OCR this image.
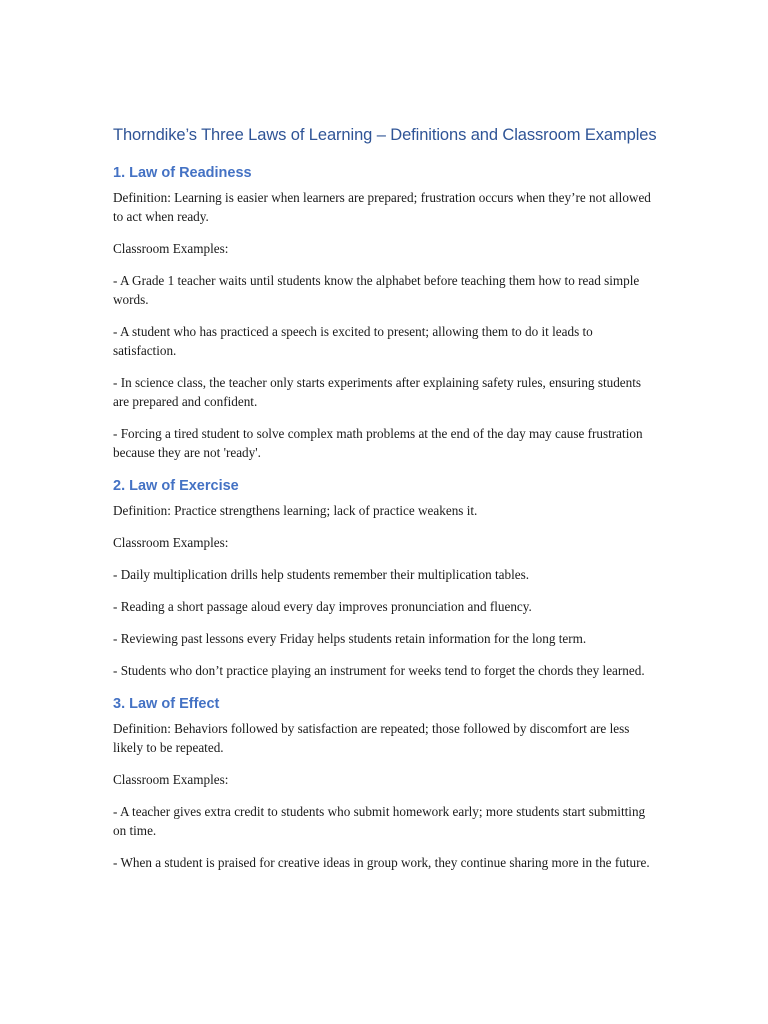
Thorndike’s Three Laws of Learning – Definitions and Classroom Examples
1. Law of Readiness

Definition: Learning is easier when learners are prepared; frustration occurs when they’re not allowed to act when ready.

Classroom Examples:

- A Grade 1 teacher waits until students know the alphabet before teaching them how to read simple words.

- A student who has practiced a speech is excited to present; allowing them to do it leads to satisfaction.

- In science class, the teacher only starts experiments after explaining safety rules, ensuring students are prepared and confident.

- Forcing a tired student to solve complex math problems at the end of the day may cause frustration because they are not 'ready'.

2. Law of Exercise

Definition: Practice strengthens learning; lack of practice weakens it.

Classroom Examples:

- Daily multiplication drills help students remember their multiplication tables.

- Reading a short passage aloud every day improves pronunciation and fluency.

- Reviewing past lessons every Friday helps students retain information for the long term.

- Students who don’t practice playing an instrument for weeks tend to forget the chords they learned.

3. Law of Effect

Definition: Behaviors followed by satisfaction are repeated; those followed by discomfort are less likely to be repeated.

Classroom Examples:

- A teacher gives extra credit to students who submit homework early; more students start submitting on time.

- When a student is praised for creative ideas in group work, they continue sharing more in the future.
